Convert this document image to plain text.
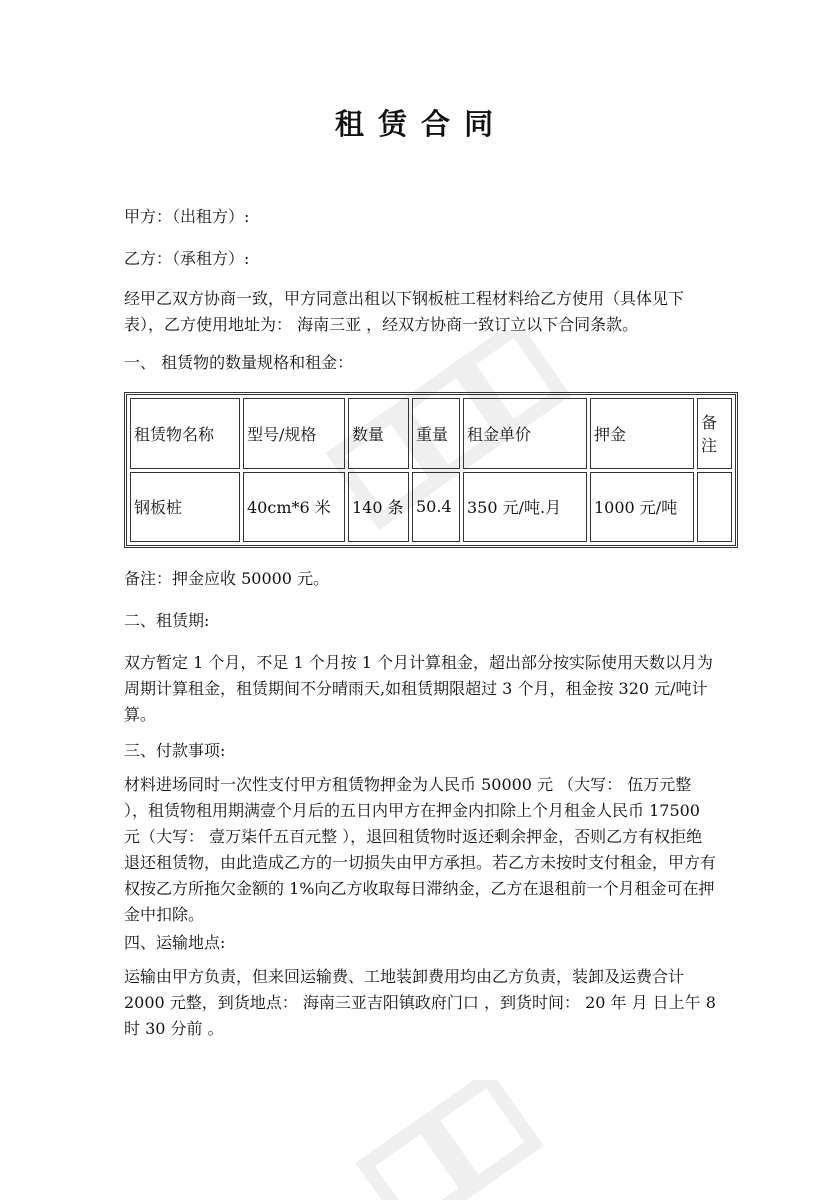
租 赁 合 同

甲方：（出租方）:

乙方：（承租方）:

经甲乙双方协商一致，甲方同意出租以下钢板桩工程材料给乙方使用（具体见下表），乙方使用地址为： 海南三亚 ，经双方协商一致订立以下合同条款。

一、 租赁物的数量规格和租金：

租赁物名称	型号/规格	数量	重量	租金单价	押金	备注
钢板桩	40cm*6 米	140 条	50.4	350 元/吨.月	1000 元/吨	

备注：押金应收 50000 元。

二、租赁期:

双方暂定 1 个月，不足 1 个月按 1 个月计算租金，超出部分按实际使用天数以月为周期计算租金，租赁期间不分晴雨天,如租赁期限超过 3 个月，租金按 320 元/吨计算。

三、付款事项:

材料进场同时一次性支付甲方租赁物押金为人民币 50000 元 （大写： 伍万元整 ），租赁物租用期满壹个月后的五日内甲方在押金内扣除上个月租金人民币 17500 元（大写： 壹万柒仟五百元整 ），退回租赁物时返还剩余押金，否则乙方有权拒绝退还租赁物，由此造成乙方的一切损失由甲方承担。若乙方未按时支付租金，甲方有权按乙方所拖欠金额的 1%向乙方收取每日滞纳金，乙方在退租前一个月租金可在押金中扣除。

四、运输地点:

运输由甲方负责，但来回运输费、工地装卸费用均由乙方负责，装卸及运费合计 2000 元整，到货地点： 海南三亚吉阳镇政府门口 ，到货时间： 20 年 月 日上午 8 时 30 分前 。
